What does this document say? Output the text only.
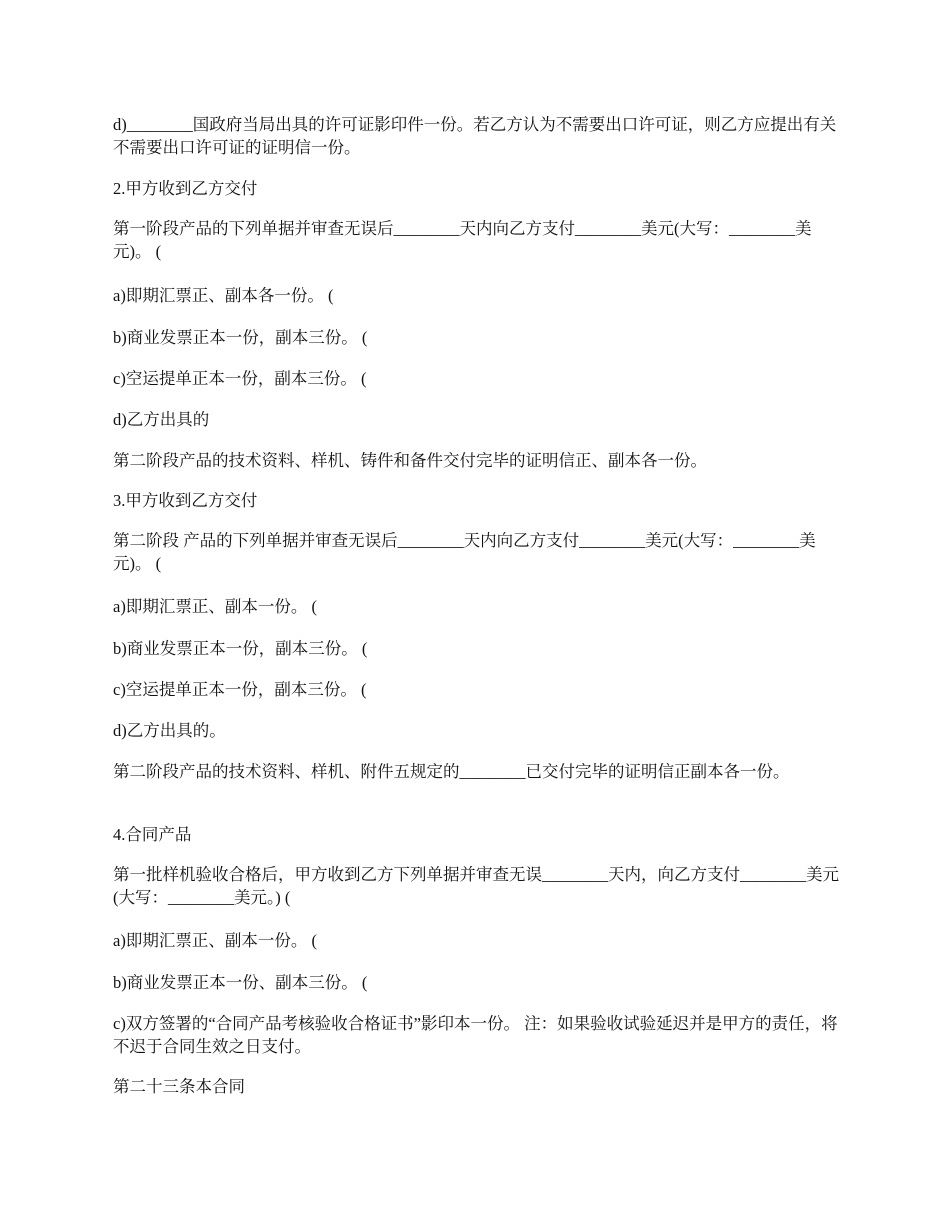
d)________国政府当局出具的许可证影印件一份。若乙方认为不需要出口许可证，则乙方应提出有关不需要出口许可证的证明信一份。

2.甲方收到乙方交付

第一阶段产品的下列单据并审查无误后________天内向乙方支付________美元(大写：________美元)。 (

a)即期汇票正、副本各一份。 (

b)商业发票正本一份，副本三份。 (

c)空运提单正本一份，副本三份。 (

d)乙方出具的

第二阶段产品的技术资料、样机、铸件和备件交付完毕的证明信正、副本各一份。

3.甲方收到乙方交付

第二阶段 产品的下列单据并审查无误后________天内向乙方支付________美元(大写：________美元)。 (

a)即期汇票正、副本一份。 (

b)商业发票正本一份，副本三份。 (

c)空运提单正本一份，副本三份。 (

d)乙方出具的。

第二阶段产品的技术资料、样机、附件五规定的________已交付完毕的证明信正副本各一份。

4.合同产品

第一批样机验收合格后，甲方收到乙方下列单据并审查无误________天内，向乙方支付________美元(大写：________美元。) (

a)即期汇票正、副本一份。 (

b)商业发票正本一份、副本三份。 (

c)双方签署的“合同产品考核验收合格证书”影印本一份。 注：如果验收试验延迟并是甲方的责任，将不迟于合同生效之日支付。

第二十三条本合同
